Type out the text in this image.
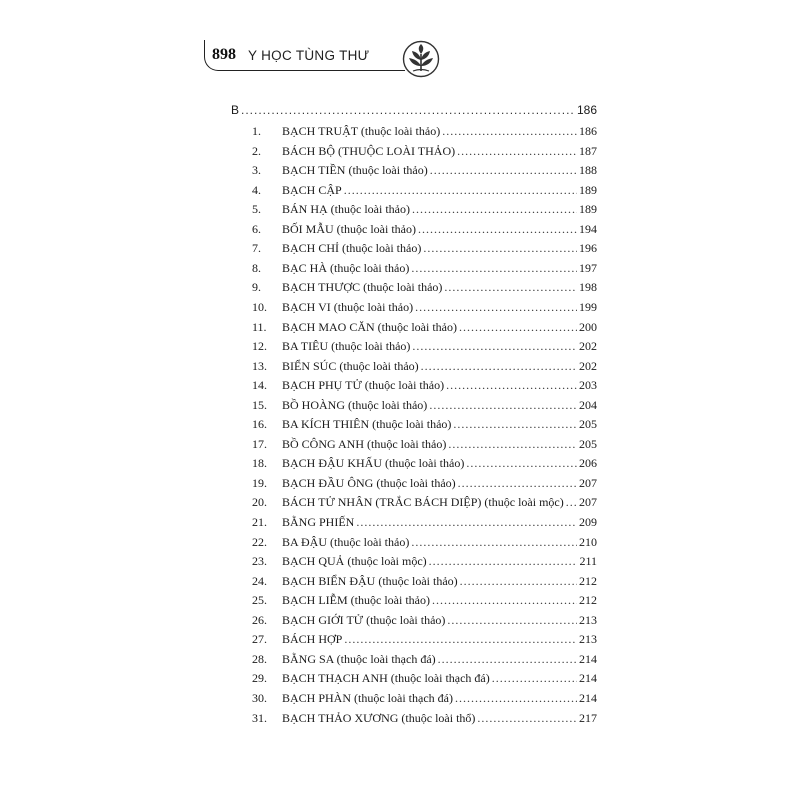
898 Y HỌC TÙNG THƯ
B .....	186
1.	BẠCH TRUẬT (thuộc loài thảo) .....	186
2.	BÁCH BỘ (THUỘC LOÀI THẢO) .....	187
3.	BẠCH TIỀN (thuộc loài thảo) .....	188
4.	BẠCH CẬP .....	189
5.	BÁN HẠ (thuộc loài thảo) .....	189
6.	BỐI MẪU (thuộc loài thảo) .....	194
7.	BẠCH CHỈ (thuộc loài thảo) .....	196
8.	BẠC HÀ (thuộc loài thảo) .....	197
9.	BẠCH THƯỢC (thuộc loài thảo) .....	198
10.	BẠCH VI (thuộc loài thảo) .....	199
11.	BẠCH MAO CĂN (thuộc loài thảo) .....	200
12.	BA TIÊU (thuộc loài thảo) .....	202
13.	BIỂN SÚC (thuộc loài thảo) .....	202
14.	BẠCH PHỤ TỬ (thuộc loài thảo) .....	203
15.	BỒ HOÀNG (thuộc loài thảo) .....	204
16.	BA KÍCH THIÊN (thuộc loài thảo) .....	205
17.	BỒ CÔNG ANH (thuộc loài thảo) .....	205
18.	BẠCH ĐẬU KHẤU (thuộc loài thảo) .....	206
19.	BẠCH ĐẦU ÔNG (thuộc loài thảo) .....	207
20.	BÁCH TỬ NHÂN (TRẮC BÁCH DIỆP) (thuộc loài mộc) ..... 207
21.	BẰNG PHIẾN .....	209
22.	BA ĐẬU (thuộc loài thảo) .....	210
23.	BẠCH QUẢ (thuộc loài mộc) .....	211
24.	BẠCH BIỂN ĐẬU (thuộc loài thảo) .....	212
25.	BẠCH LIỄM (thuộc loài thảo) .....	212
26.	BẠCH GIỚI TỬ (thuộc loài thảo) .....	213
27.	BÁCH HỢP .....	213
28.	BẰNG SA (thuộc loài thạch đá) .....	214
29.	BẠCH THẠCH ANH (thuộc loài thạch đá) .....	214
30.	BẠCH PHÀN (thuộc loài thạch đá) .....	214
31.	BẠCH THẢO XƯƠNG (thuộc loài thổ) .....	217
